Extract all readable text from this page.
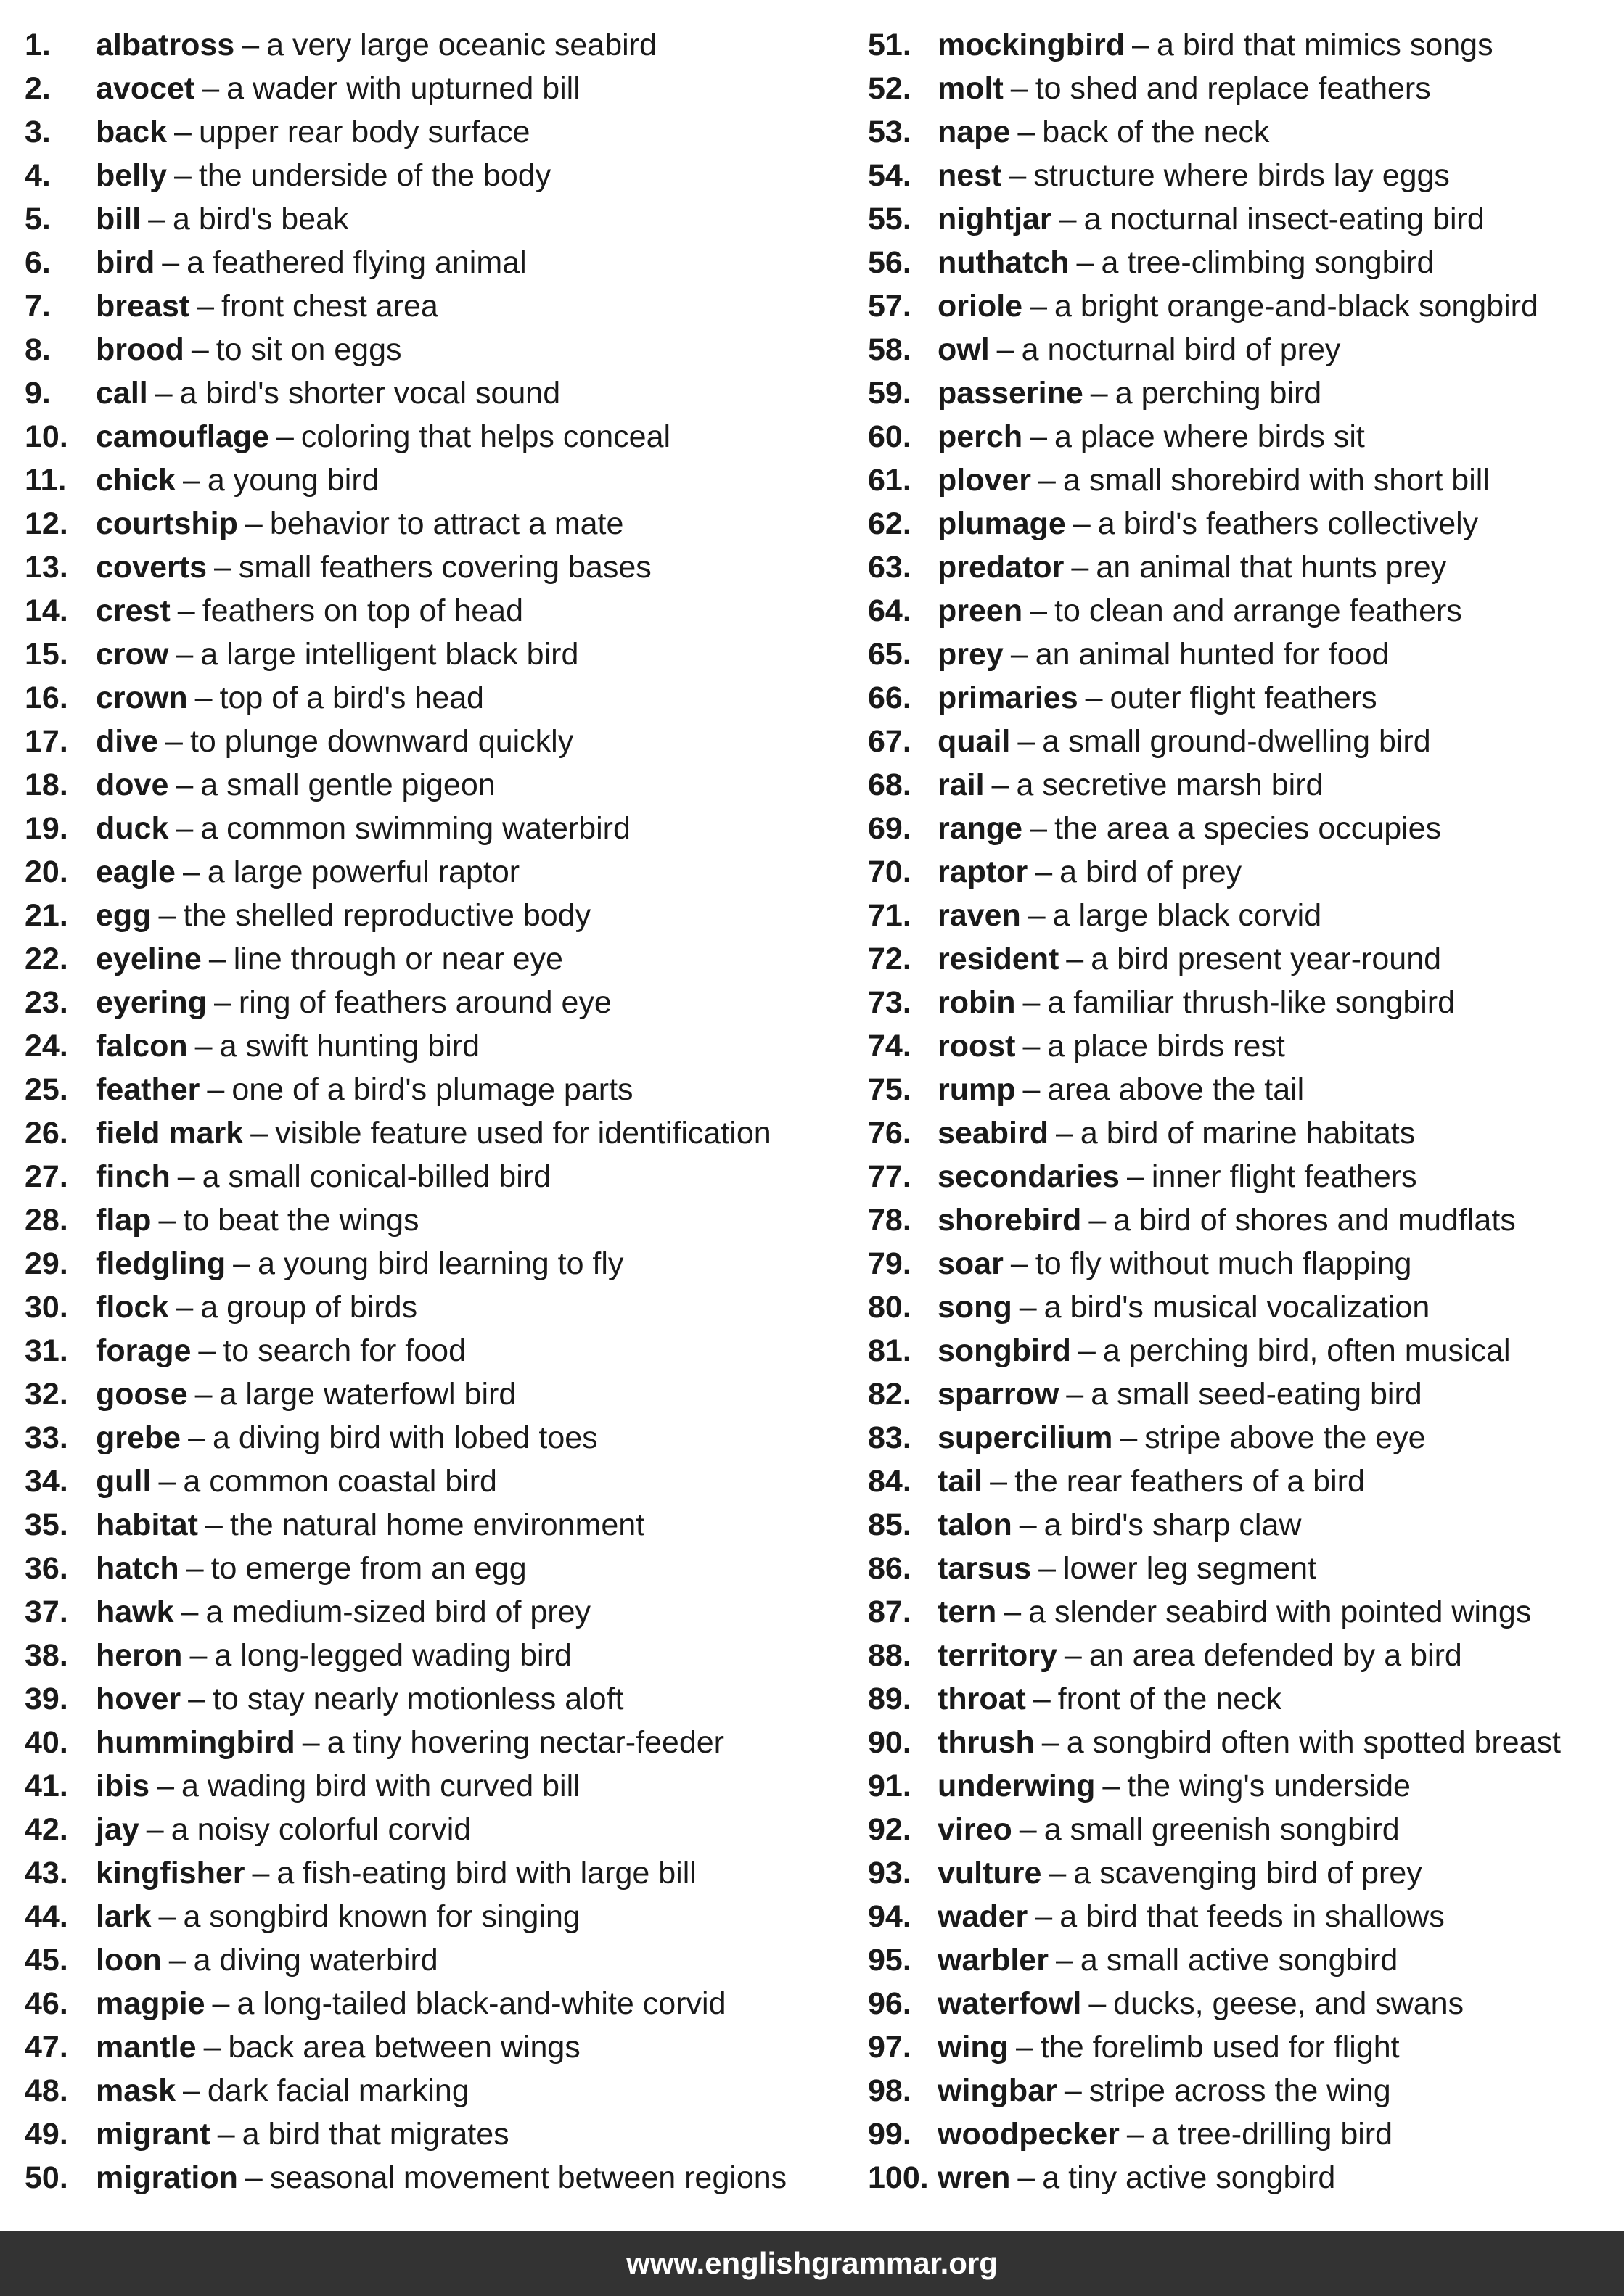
1. albatross – a very large oceanic seabird
2. avocet – a wader with upturned bill
3. back – upper rear body surface
4. belly – the underside of the body
5. bill – a bird's beak
6. bird – a feathered flying animal
7. breast – front chest area
8. brood – to sit on eggs
9. call – a bird's shorter vocal sound
10. camouflage – coloring that helps conceal
11. chick – a young bird
12. courtship – behavior to attract a mate
13. coverts – small feathers covering bases
14. crest – feathers on top of head
15. crow – a large intelligent black bird
16. crown – top of a bird's head
17. dive – to plunge downward quickly
18. dove – a small gentle pigeon
19. duck – a common swimming waterbird
20. eagle – a large powerful raptor
21. egg – the shelled reproductive body
22. eyeline – line through or near eye
23. eyering – ring of feathers around eye
24. falcon – a swift hunting bird
25. feather – one of a bird's plumage parts
26. field mark – visible feature used for identification
27. finch – a small conical-billed bird
28. flap – to beat the wings
29. fledgling – a young bird learning to fly
30. flock – a group of birds
31. forage – to search for food
32. goose – a large waterfowl bird
33. grebe – a diving bird with lobed toes
34. gull – a common coastal bird
35. habitat – the natural home environment
36. hatch – to emerge from an egg
37. hawk – a medium-sized bird of prey
38. heron – a long-legged wading bird
39. hover – to stay nearly motionless aloft
40. hummingbird – a tiny hovering nectar-feeder
41. ibis – a wading bird with curved bill
42. jay – a noisy colorful corvid
43. kingfisher – a fish-eating bird with large bill
44. lark – a songbird known for singing
45. loon – a diving waterbird
46. magpie – a long-tailed black-and-white corvid
47. mantle – back area between wings
48. mask – dark facial marking
49. migrant – a bird that migrates
50. migration – seasonal movement between regions
51. mockingbird – a bird that mimics songs
52. molt – to shed and replace feathers
53. nape – back of the neck
54. nest – structure where birds lay eggs
55. nightjar – a nocturnal insect-eating bird
56. nuthatch – a tree-climbing songbird
57. oriole – a bright orange-and-black songbird
58. owl – a nocturnal bird of prey
59. passerine – a perching bird
60. perch – a place where birds sit
61. plover – a small shorebird with short bill
62. plumage – a bird's feathers collectively
63. predator – an animal that hunts prey
64. preen – to clean and arrange feathers
65. prey – an animal hunted for food
66. primaries – outer flight feathers
67. quail – a small ground-dwelling bird
68. rail – a secretive marsh bird
69. range – the area a species occupies
70. raptor – a bird of prey
71. raven – a large black corvid
72. resident – a bird present year-round
73. robin – a familiar thrush-like songbird
74. roost – a place birds rest
75. rump – area above the tail
76. seabird – a bird of marine habitats
77. secondaries – inner flight feathers
78. shorebird – a bird of shores and mudflats
79. soar – to fly without much flapping
80. song – a bird's musical vocalization
81. songbird – a perching bird, often musical
82. sparrow – a small seed-eating bird
83. supercilium – stripe above the eye
84. tail – the rear feathers of a bird
85. talon – a bird's sharp claw
86. tarsus – lower leg segment
87. tern – a slender seabird with pointed wings
88. territory – an area defended by a bird
89. throat – front of the neck
90. thrush – a songbird often with spotted breast
91. underwing – the wing's underside
92. vireo – a small greenish songbird
93. vulture – a scavenging bird of prey
94. wader – a bird that feeds in shallows
95. warbler – a small active songbird
96. waterfowl – ducks, geese, and swans
97. wing – the forelimb used for flight
98. wingbar – stripe across the wing
99. woodpecker – a tree-drilling bird
100. wren – a tiny active songbird
www.englishgrammar.org
